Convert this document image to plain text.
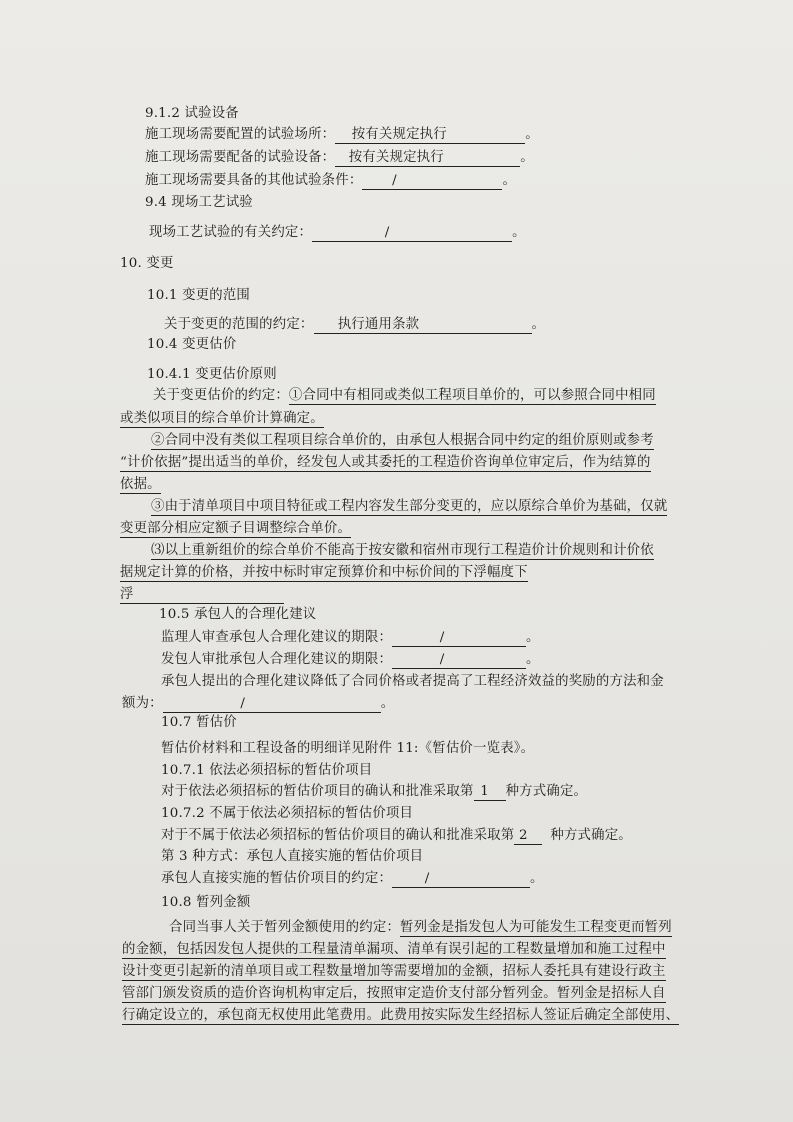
9.1.2 试验设备
施工现场需要配置的试验场所： 按有关规定执行	。
施工现场需要配备的试验设备： 按有关规定执行	。
施工现场需要具备的其他试验条件： /	。
9.4 现场工艺试验
现场工艺试验的有关约定：	/	。
10. 变更
10.1 变更的范围
关于变更的范围的约定： 执行通用条款	。
10.4 变更估价
10.4.1 变更估价原则
关于变更估价的约定：①合同中有相同或类似工程项目单价的，可以参照合同中相同
或类似项目的综合单价计算确定。
②合同中没有类似工程项目综合单价的，由承包人根据合同中约定的组价原则或参考
“计价依据”提出适当的单价，经发包人或其委托的工程造价咨询单位审定后，作为结算的
依据。
③由于清单项目中项目特征或工程内容发生部分变更的，应以原综合单价为基础，仅就
变更部分相应定额子目调整综合单价。
⑶以上重新组价的综合单价不能高于按安徽和宿州市现行工程造价计价规则和计价依
据规定计算的价格，并按中标时审定预算价和中标价间的下浮幅度下
浮
10.5 承包人的合理化建议
监理人审查承包人合理化建议的期限：	/	。
发包人审批承包人合理化建议的期限：	/	。
承包人提出的合理化建议降低了合同价格或者提高了工程经济效益的奖励的方法和金
额为：	/	。
10.7 暂估价
暂估价材料和工程设备的明细详见附件 11:《暂估价一览表》。
10.7.1 依法必须招标的暂估价项目
对于依法必须招标的暂估价项目的确认和批准采取第 1 种方式确定。
10.7.2 不属于依法必须招标的暂估价项目
对于不属于依法必须招标的暂估价项目的确认和批准采取第 2 种方式确定。
第 3 种方式：承包人直接实施的暂估价项目
承包人直接实施的暂估价项目的约定： /	。
10.8 暂列金额
合同当事人关于暂列金额使用的约定：暂列金是指发包人为可能发生工程变更而暂列
的金额，包括因发包人提供的工程量清单漏项、清单有误引起的工程数量增加和施工过程中
设计变更引起新的清单项目或工程数量增加等需要增加的金额，招标人委托具有建设行政主
管部门颁发资质的造价咨询机构审定后，按照审定造价支付部分暂列金。暂列金是招标人自
行确定设立的，承包商无权使用此笔费用。此费用按实际发生经招标人签证后确定全部使用、
